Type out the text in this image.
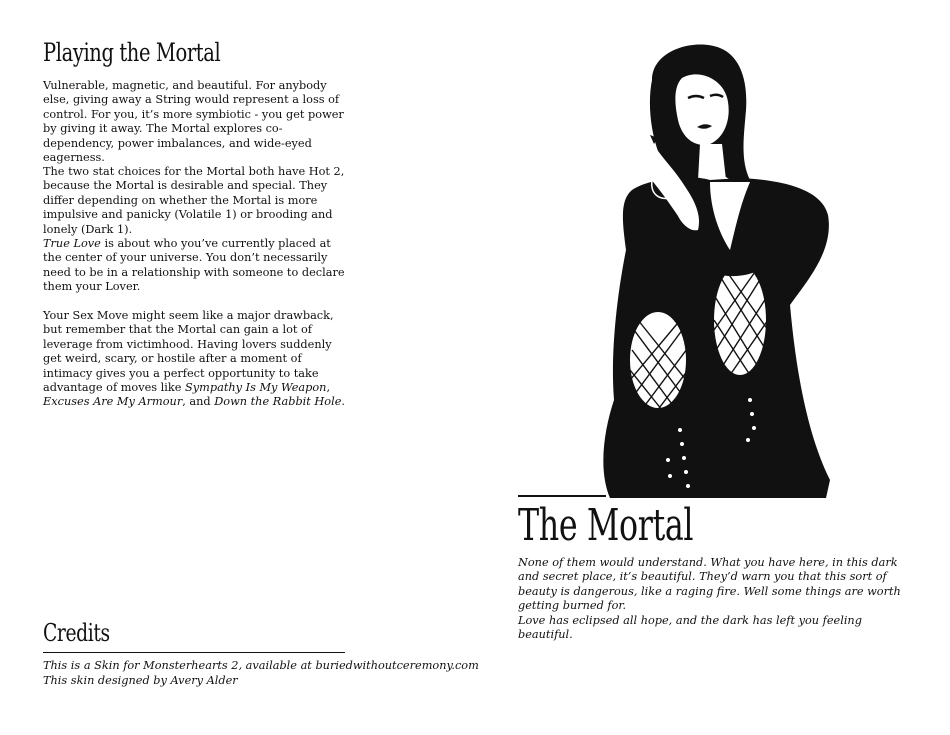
Playing the Mortal

Vulnerable, magnetic, and beautiful. For anybody else, giving away a String would represent a loss of control. For you, it’s more symbiotic - you get power by giving it away. The Mortal explores co-dependency, power imbalances, and wide-eyed eagerness.

The two stat choices for the Mortal both have Hot 2, because the Mortal is desirable and special. They differ depending on whether the Mortal is more impulsive and panicky (Volatile 1) or brooding and lonely (Dark 1).

True Love is about who you’ve currently placed at the center of your universe. You don’t necessarily need to be in a relationship with someone to declare them your Lover.

Your Sex Move might seem like a major drawback, but remember that the Mortal can gain a lot of leverage from victimhood. Having lovers suddenly get weird, scary, or hostile after a moment of intimacy gives you a perfect opportunity to take advantage of moves like Sympathy Is My Weapon, Excuses Are My Armour, and Down the Rabbit Hole.

Credits

This is a Skin for Monsterhearts 2, available at buriedwithoutceremony.com

This skin designed by Avery Alder

The Mortal

None of them would understand. What you have here, in this dark and secret place, it’s beautiful. They’d warn you that this sort of beauty is dangerous, like a raging fire. Well some things are worth getting burned for.

Love has eclipsed all hope, and the dark has left you feeling beautiful.
